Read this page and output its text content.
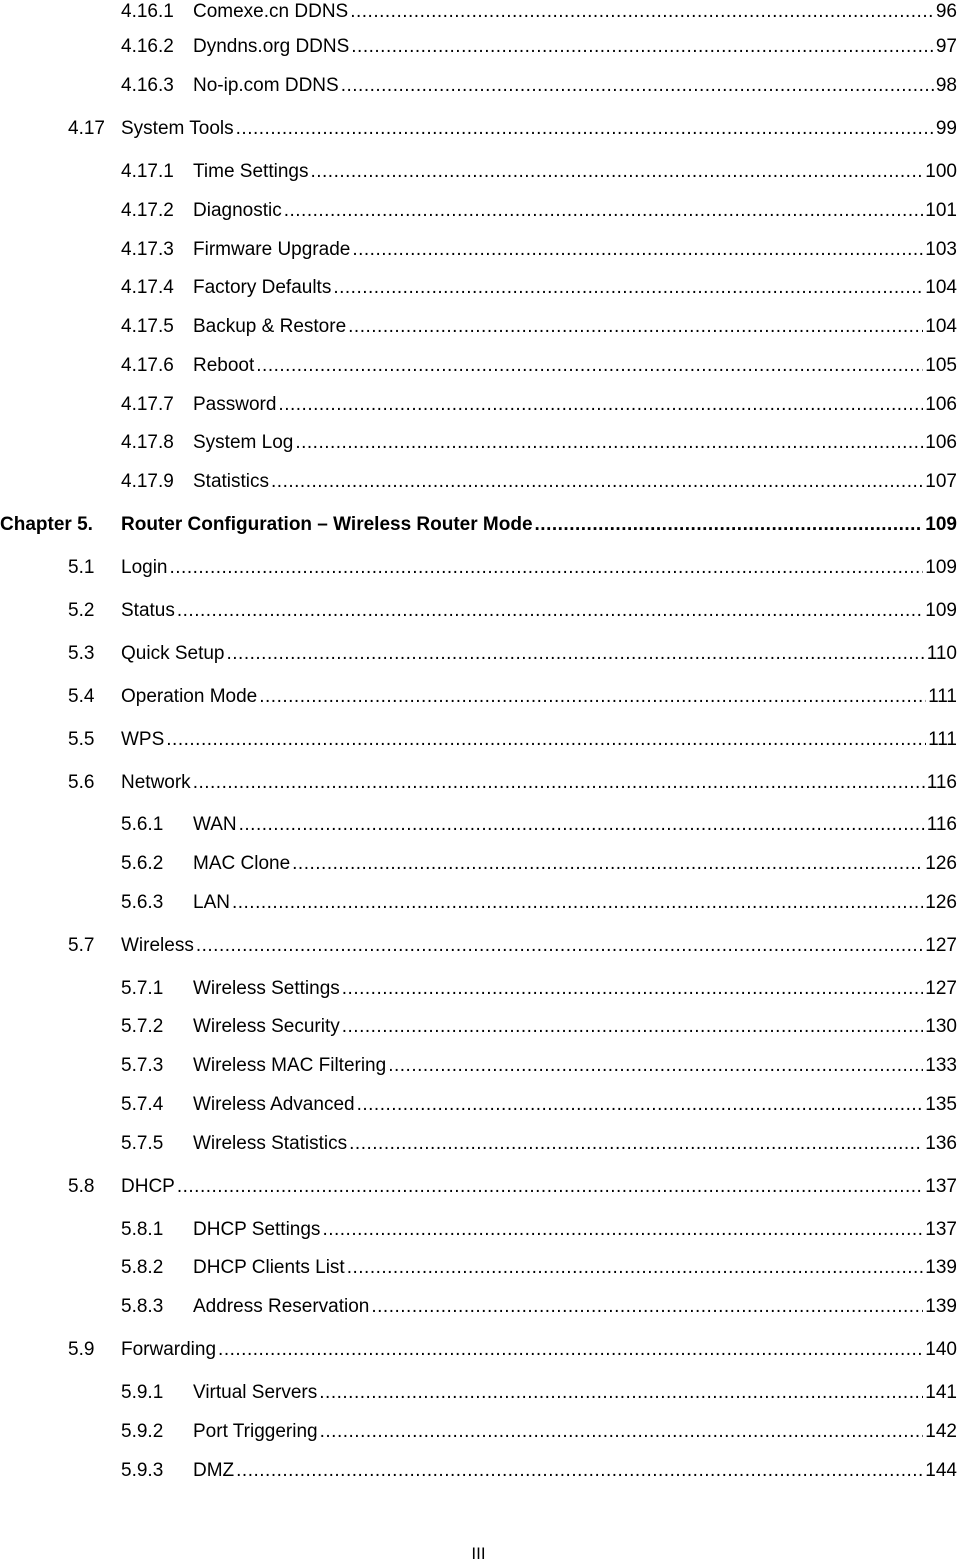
4.16.1 Comexe.cn DDNS .....	96
4.16.2 Dyndns.org DDNS .....	97
4.16.3 No-ip.com DDNS .....	98
4.17 System Tools .....	99
4.17.1 Time Settings .....	100
4.17.2 Diagnostic .....	101
4.17.3 Firmware Upgrade .....	103
4.17.4 Factory Defaults .....	104
4.17.5 Backup & Restore .....	104
4.17.6 Reboot .....	105
4.17.7 Password .....	106
4.17.8 System Log .....	106
4.17.9 Statistics .....	107
Chapter 5. Router Configuration – Wireless Router Mode .....	109
5.1 Login .....	109
5.2 Status .....	109
5.3 Quick Setup .....	110
5.4 Operation Mode .....	111
5.5 WPS .....	111
5.6 Network .....	116
5.6.1 WAN .....	116
5.6.2 MAC Clone .....	126
5.6.3 LAN .....	126
5.7 Wireless .....	127
5.7.1 Wireless Settings .....	127
5.7.2 Wireless Security .....	130
5.7.3 Wireless MAC Filtering .....	133
5.7.4 Wireless Advanced .....	135
5.7.5 Wireless Statistics .....	136
5.8 DHCP .....	137
5.8.1 DHCP Settings .....	137
5.8.2 DHCP Clients List .....	139
5.8.3 Address Reservation .....	139
5.9 Forwarding .....	140
5.9.1 Virtual Servers .....	141
5.9.2 Port Triggering .....	142
5.9.3 DMZ .....	144
III
